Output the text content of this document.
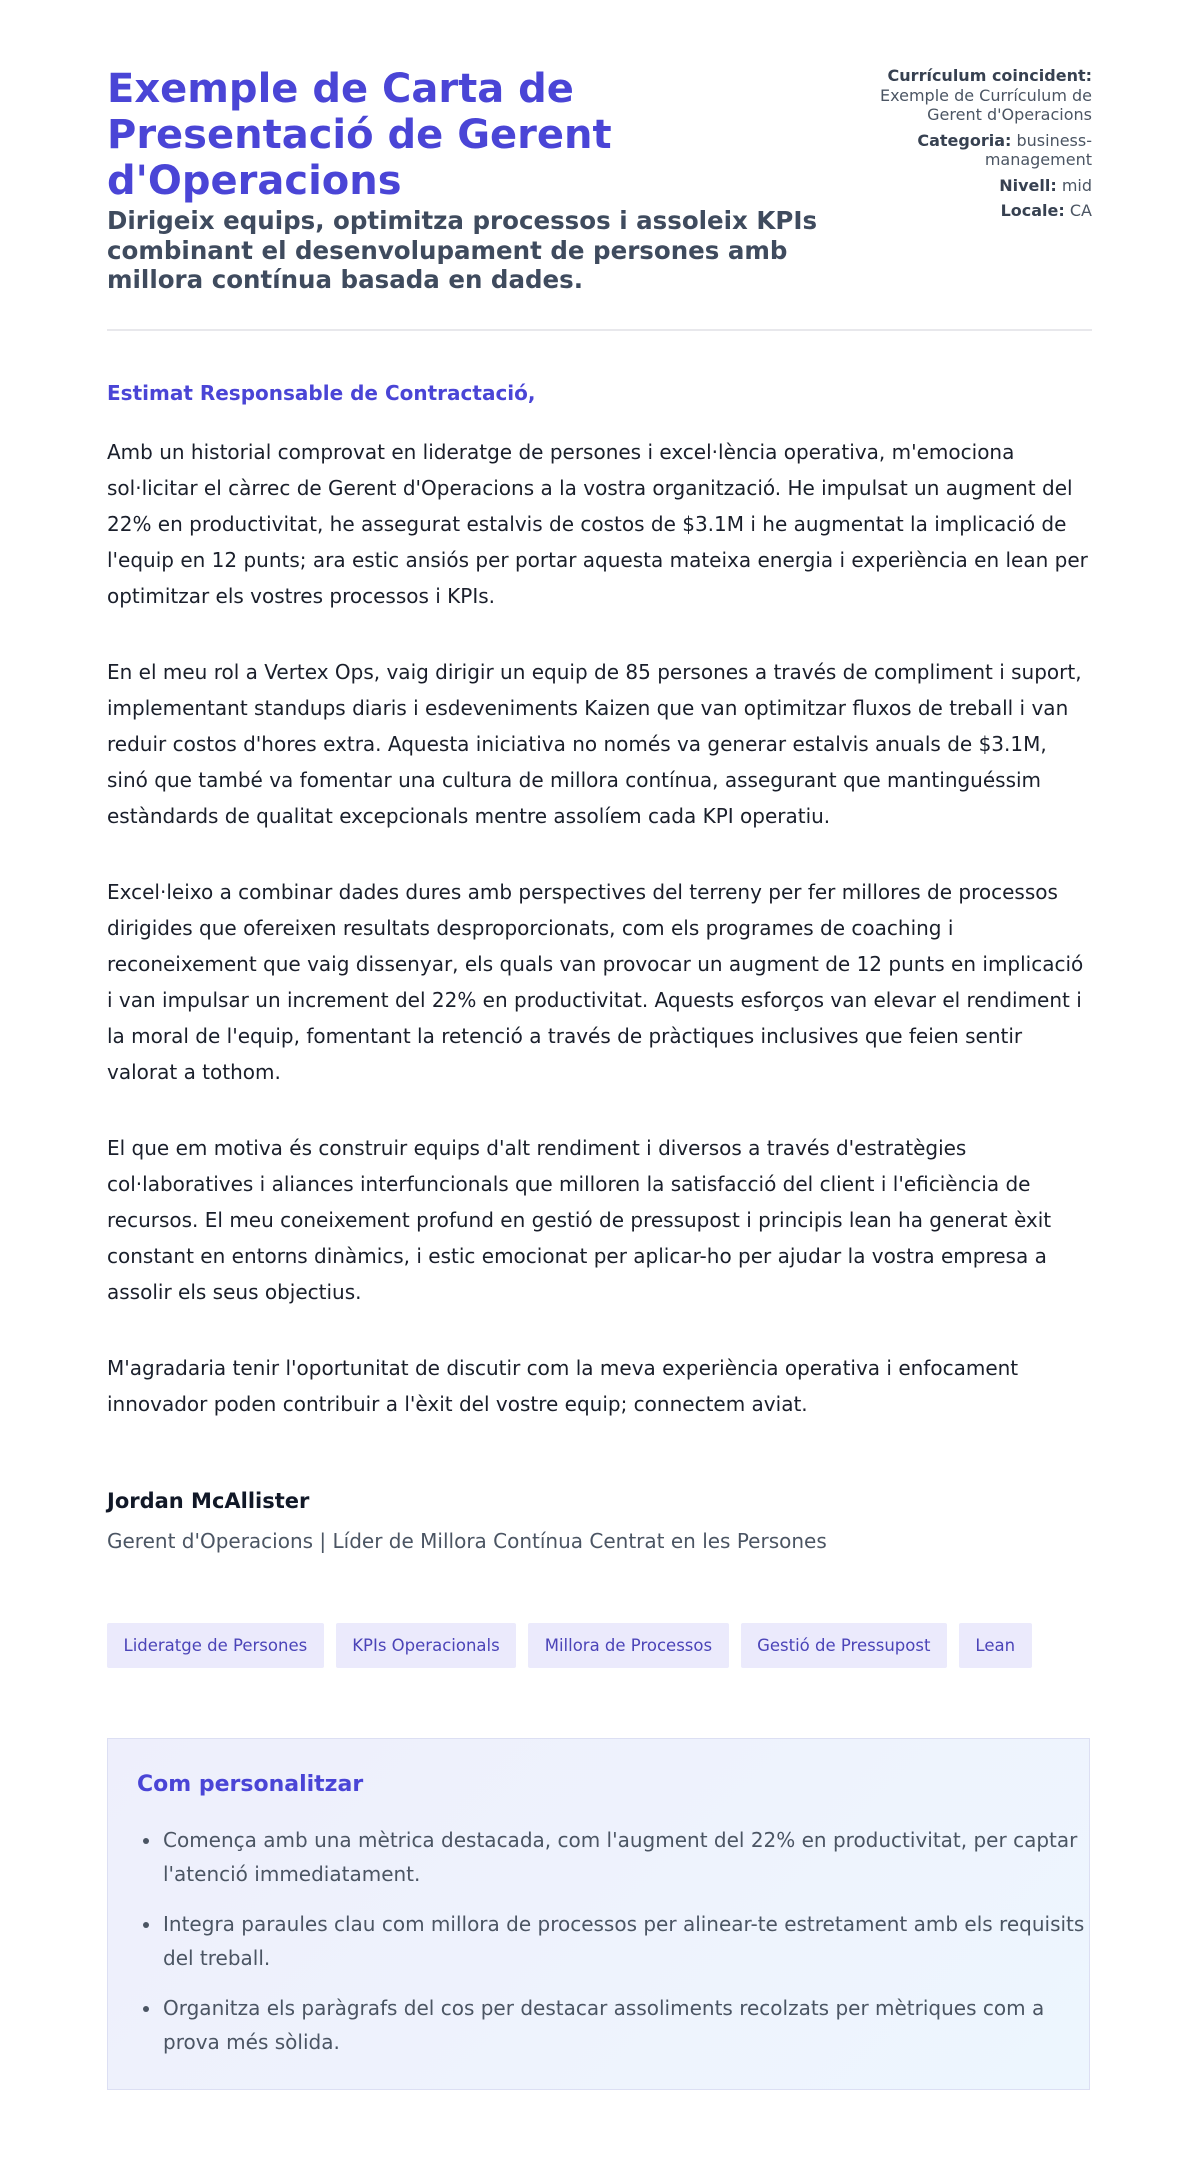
Exemple de Carta de Presentació de Gerent d'Operacions
Dirigeix equips, optimitza processos i assoleix KPIs combinant el desenvolupament de persones amb millora contínua basada en dades.
Currículum coincident: Exemple de Currículum de Gerent d'Operacions
Categoria: business-management
Nivell: mid
Locale: CA

Estimat Responsable de Contractació,

Amb un historial comprovat en lideratge de persones i excel·lència operativa, m'emociona sol·licitar el càrrec de Gerent d'Operacions a la vostra organització. He impulsat un augment del 22% en productivitat, he assegurat estalvis de costos de $3.1M i he augmentat la implicació de l'equip en 12 punts; ara estic ansiós per portar aquesta mateixa energia i experiència en lean per optimitzar els vostres processos i KPIs.

En el meu rol a Vertex Ops, vaig dirigir un equip de 85 persones a través de compliment i suport, implementant standups diaris i esdeveniments Kaizen que van optimitzar fluxos de treball i van reduir costos d'hores extra. Aquesta iniciativa no només va generar estalvis anuals de $3.1M, sinó que també va fomentar una cultura de millora contínua, assegurant que mantinguéssim estàndards de qualitat excepcionals mentre assolíem cada KPI operatiu.

Excel·leixo a combinar dades dures amb perspectives del terreny per fer millores de processos dirigides que ofereixen resultats desproporcionats, com els programes de coaching i reconeixement que vaig dissenyar, els quals van provocar un augment de 12 punts en implicació i van impulsar un increment del 22% en productivitat. Aquests esforços van elevar el rendiment i la moral de l'equip, fomentant la retenció a través de pràctiques inclusives que feien sentir valorat a tothom.

El que em motiva és construir equips d'alt rendiment i diversos a través d'estratègies col·laboratives i aliances interfuncionals que milloren la satisfacció del client i l'eficiència de recursos. El meu coneixement profund en gestió de pressupost i principis lean ha generat èxit constant en entorns dinàmics, i estic emocionat per aplicar-ho per ajudar la vostra empresa a assolir els seus objectius.

M'agradaria tenir l'oportunitat de discutir com la meva experiència operativa i enfocament innovador poden contribuir a l'èxit del vostre equip; connectem aviat.

Jordan McAllister

Gerent d'Operacions | Líder de Millora Contínua Centrat en les Persones

Lideratge de Persones	KPIs Operacionals	Millora de Processos	Gestió de Pressupost	Lean
Com personalitzar
Comença amb una mètrica destacada, com l'augment del 22% en productivitat, per captar l'atenció immediatament.
Integra paraules clau com millora de processos per alinear-te estretament amb els requisits del treball.
Organitza els paràgrafs del cos per destacar assoliments recolzats per mètriques com a prova més sòlida.
